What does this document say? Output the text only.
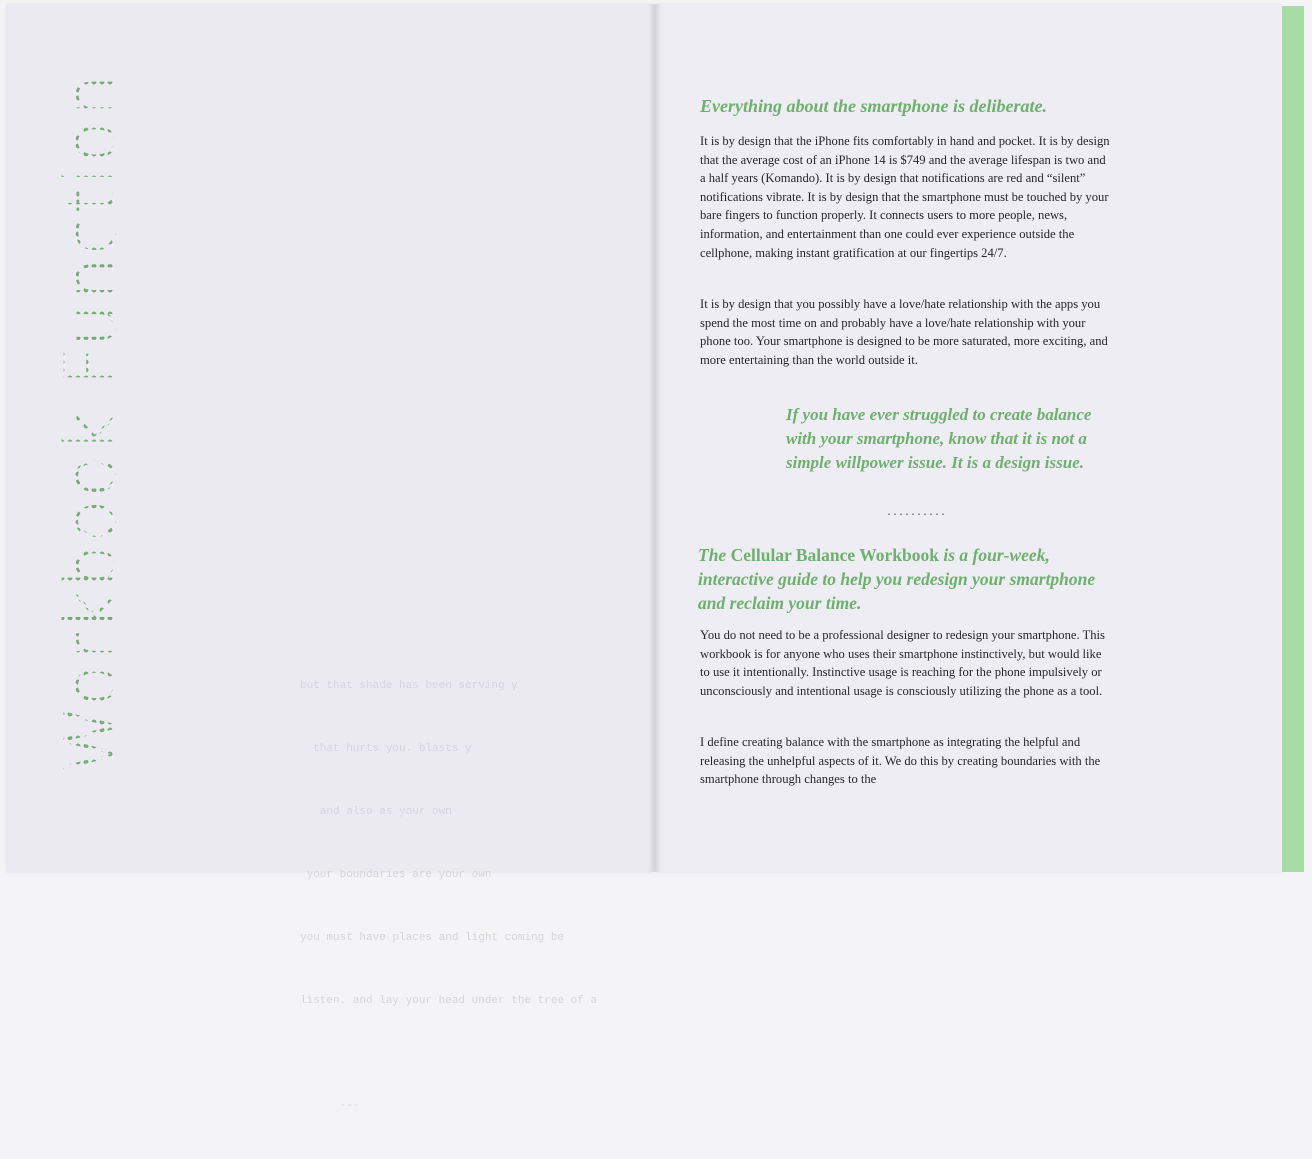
Workbook Function

	but that shade has been serving y

that hurts you. blasts y

and also as your own

your boundaries are your own

you must have places and light coming be

listen. and lay your head under the tree of a

---

Everything about the smartphone is deliberate.

It is by design that the iPhone fits comfortably in hand and pocket. It is by design that the average cost of an iPhone 14 is $749 and the average lifespan is two and a half years (Komando). It is by design that notifications are red and “silent” notifications vibrate. It is by design that the smartphone must be touched by your bare fingers to function properly. It connects users to more people, news, information, and entertainment than one could ever experience outside the cellphone, making instant gratification at our fingertips 24/7.

It is by design that you possibly have a love/hate relationship with the apps you spend the most time on and probably have a love/hate relationship with your phone too. Your smartphone is designed to be more saturated, more exciting, and more entertaining than the world outside it.

If you have ever struggled to create balance with your smartphone, know that it is not a simple willpower issue. It is a design issue.
..........
The Cellular Balance Workbook is a four-week, interactive guide to help you redesign your smartphone and reclaim your time.

You do not need to be a professional designer to redesign your smartphone. This workbook is for anyone who uses their smartphone instinctively, but would like to use it intentionally. Instinctive usage is reaching for the phone impulsively or unconsciously and intentional usage is consciously utilizing the phone as a tool.

I define creating balance with the smartphone as integrating the helpful and releasing the unhelpful aspects of it. We do this by creating boundaries with the smartphone through changes to the
